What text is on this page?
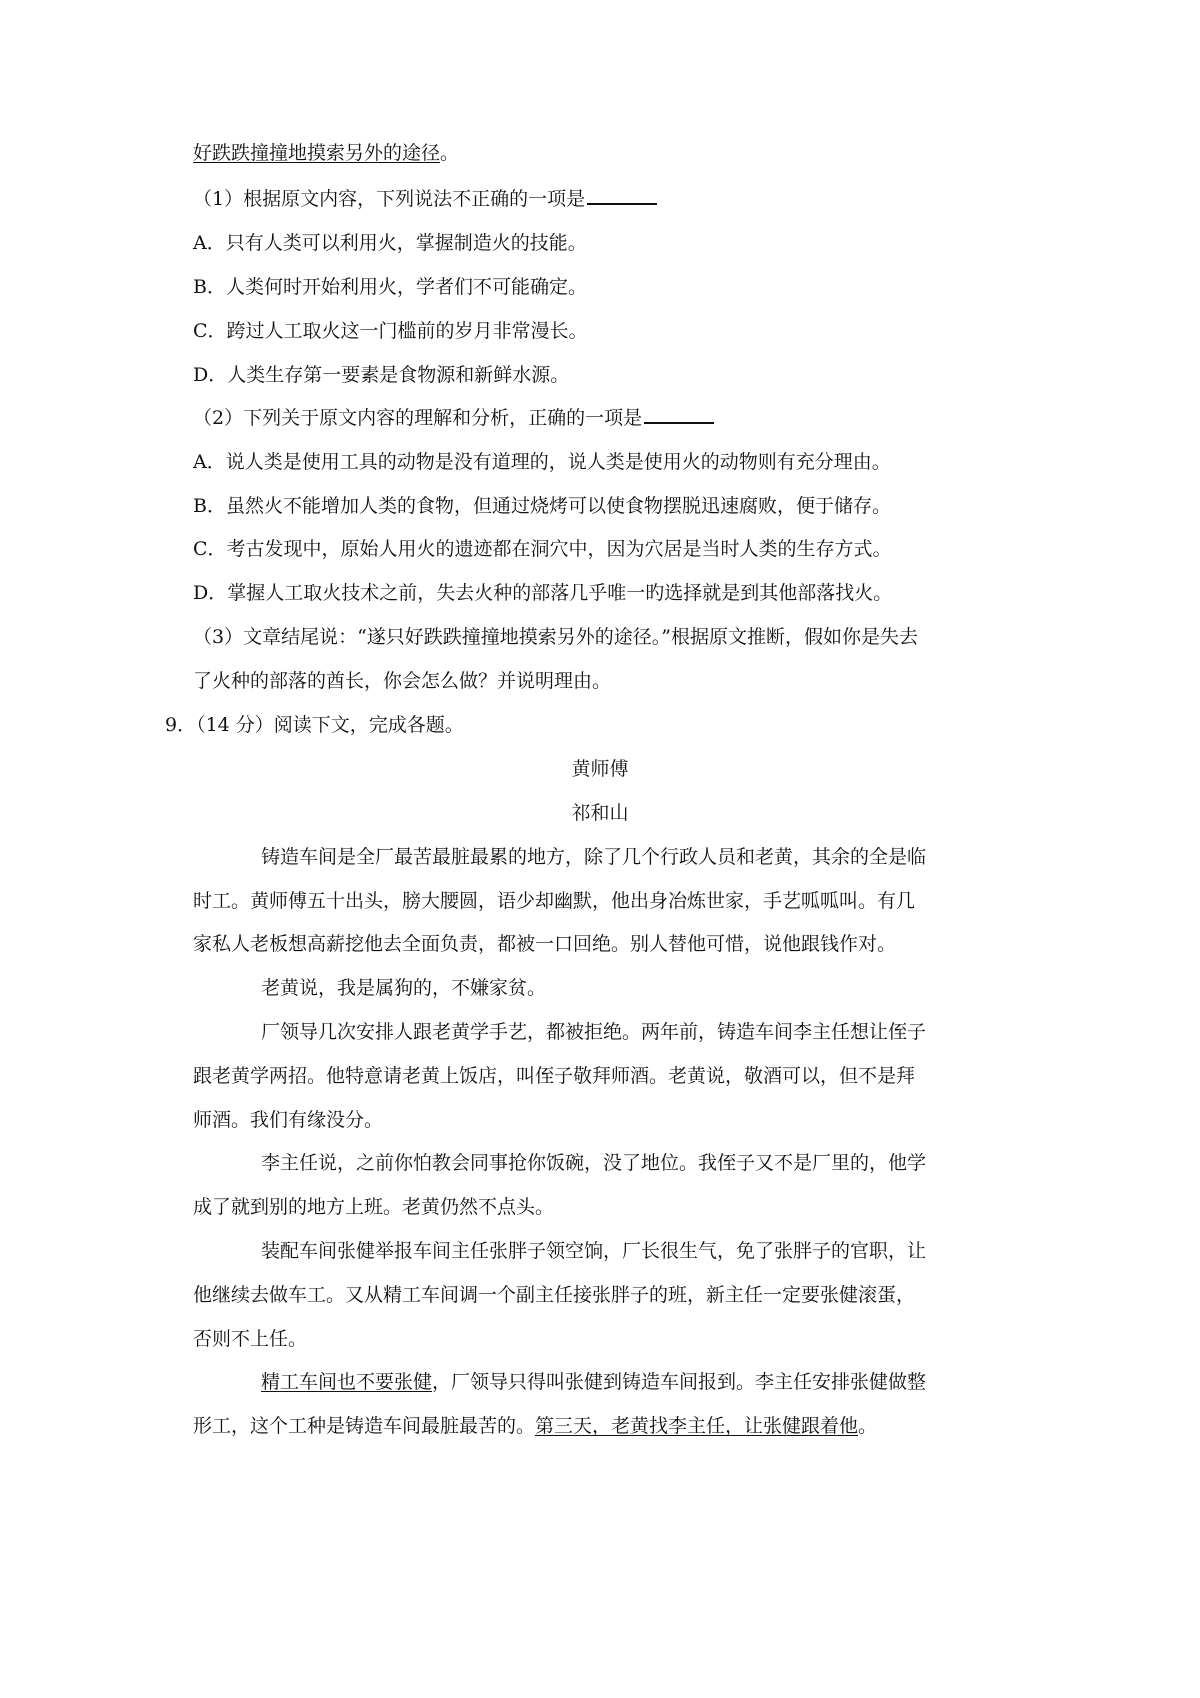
好跌跌撞撞地摸索另外的途径。
（1）根据原文内容，下列说法不正确的一项是
A．只有人类可以利用火，掌握制造火的技能。
B．人类何时开始利用火，学者们不可能确定。
C．跨过人工取火这一门槛前的岁月非常漫长。
D．人类生存第一要素是食物源和新鲜水源。
（2）下列关于原文内容的理解和分析，正确的一项是
A．说人类是使用工具的动物是没有道理的，说人类是使用火的动物则有充分理由。
B．虽然火不能增加人类的食物，但通过烧烤可以使食物摆脱迅速腐败，便于储存。
C．考古发现中，原始人用火的遗迹都在洞穴中，因为穴居是当时人类的生存方式。
D．掌握人工取火技术之前，失去火种的部落几乎唯一旳选择就是到其他部落找火。
（3）文章结尾说：“遂只好跌跌撞撞地摸索另外的途径。”根据原文推断，假如你是失去
了火种的部落的酋长，你会怎么做？并说明理由。
9．（14 分）阅读下文，完成各题。
黄师傅
祁和山
铸造车间是全厂最苦最脏最累的地方，除了几个行政人员和老黄，其余的全是临
时工。黄师傅五十出头，膀大腰圆，语少却幽默，他出身冶炼世家，手艺呱呱叫。有几
家私人老板想高薪挖他去全面负责，都被一口回绝。别人替他可惜，说他跟钱作对。
老黄说，我是属狗的，不嫌家贫。
厂领导几次安排人跟老黄学手艺，都被拒绝。两年前，铸造车间李主任想让侄子
跟老黄学两招。他特意请老黄上饭店，叫侄子敬拜师酒。老黄说，敬酒可以，但不是拜
师酒。我们有缘没分。
李主任说，之前你怕教会同事抢你饭碗，没了地位。我侄子又不是厂里的，他学
成了就到别的地方上班。老黄仍然不点头。
装配车间张健举报车间主任张胖子领空饷，厂长很生气，免了张胖子的官职，让
他继续去做车工。又从精工车间调一个副主任接张胖子的班，新主任一定要张健滚蛋，
否则不上任。
精工车间也不要张健，厂领导只得叫张健到铸造车间报到。李主任安排张健做整
形工，这个工种是铸造车间最脏最苦的。第三天，老黄找李主任，让张健跟着他。
